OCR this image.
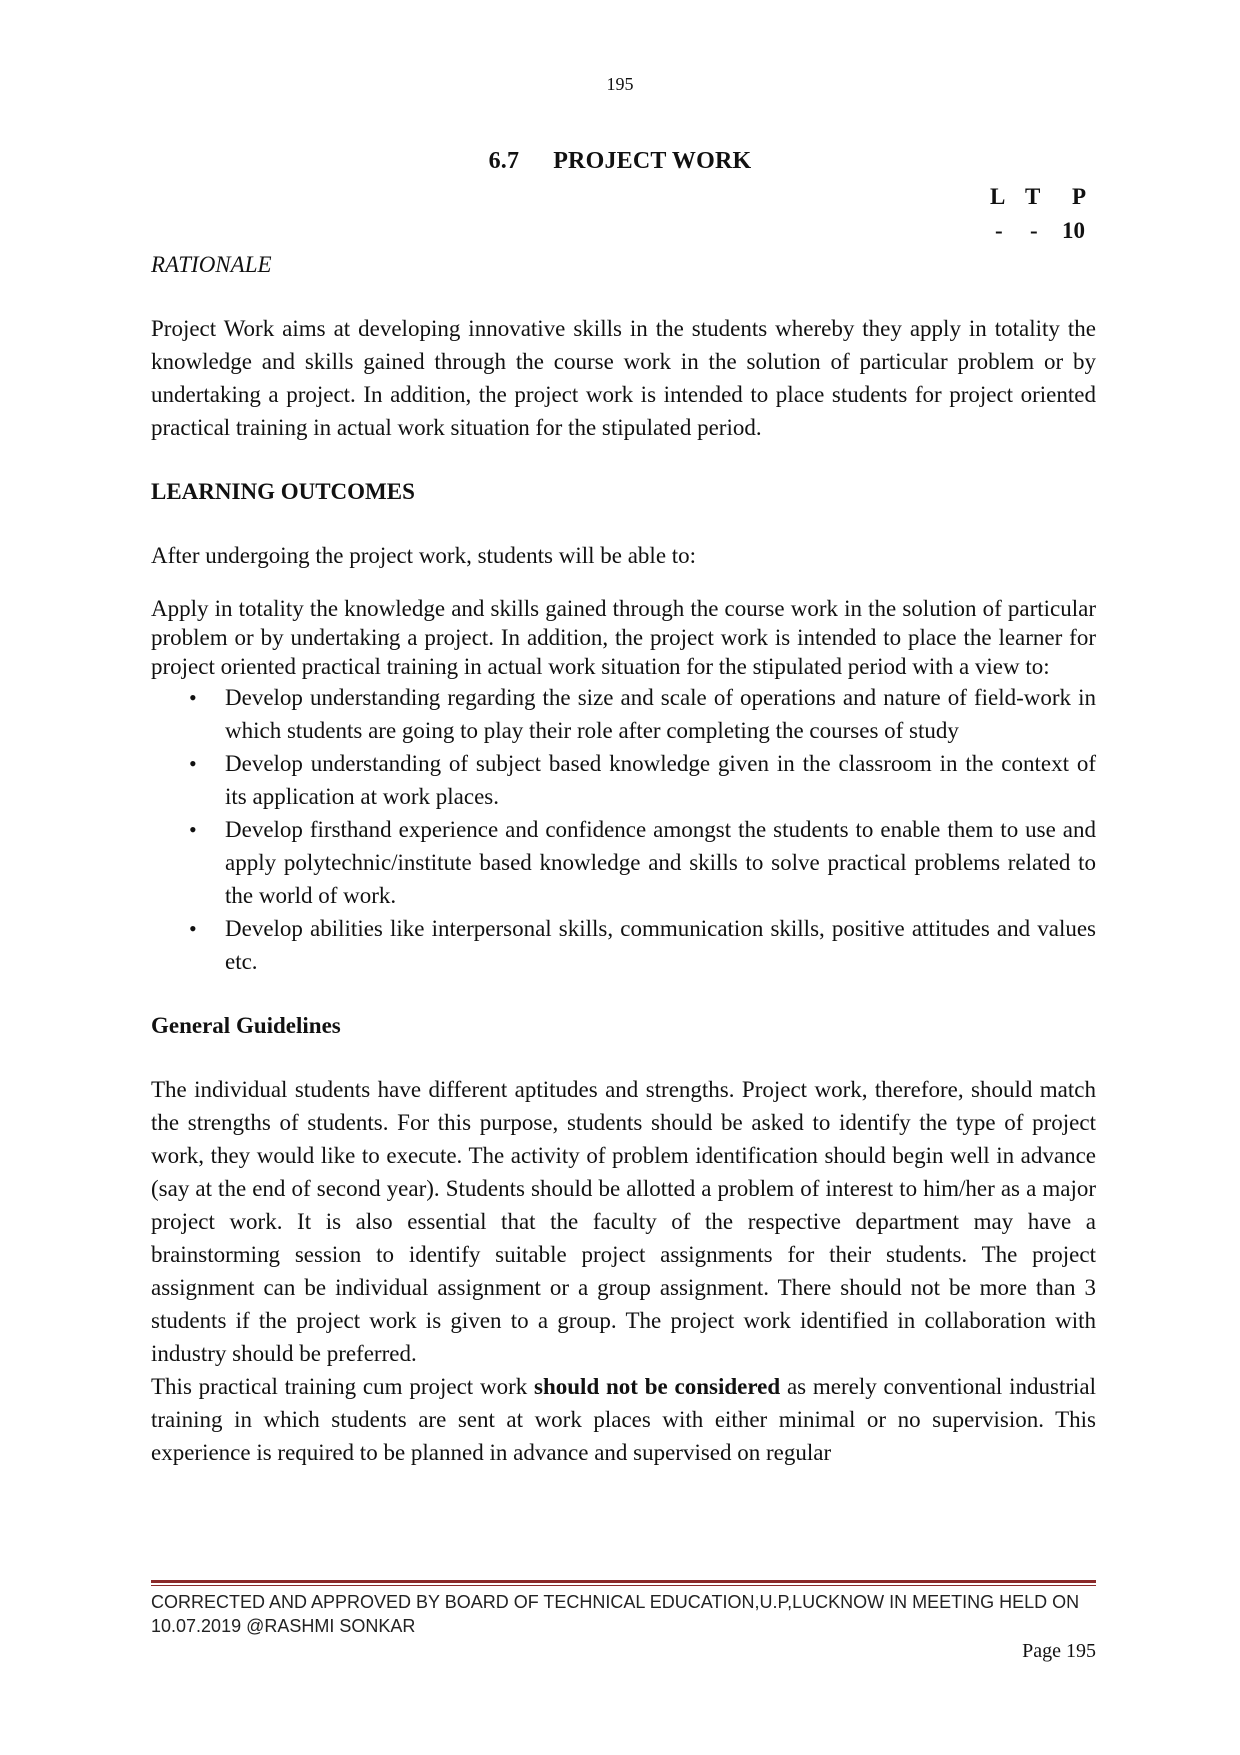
195
6.7 PROJECT WORK
L T P
- - 10

RATIONALE

Project Work aims at developing innovative skills in the students whereby they apply in totality the knowledge and skills gained through the course work in the solution of particular problem or by undertaking a project. In addition, the project work is intended to place students for project oriented practical training in actual work situation for the stipulated period.

LEARNING OUTCOMES

After undergoing the project work, students will be able to:

Apply in totality the knowledge and skills gained through the course work in the solution of particular problem or by undertaking a project. In addition, the project work is intended to place the learner for project oriented practical training in actual work situation for the stipulated period with a view to:

• Develop understanding regarding the size and scale of operations and nature of field-work in which students are going to play their role after completing the courses of study
• Develop understanding of subject based knowledge given in the classroom in the context of its application at work places.
• Develop firsthand experience and confidence amongst the students to enable them to use and apply polytechnic/institute based knowledge and skills to solve practical problems related to the world of work.
• Develop abilities like interpersonal skills, communication skills, positive attitudes and values etc.

General Guidelines

The individual students have different aptitudes and strengths. Project work, therefore, should match the strengths of students. For this purpose, students should be asked to identify the type of project work, they would like to execute. The activity of problem identification should begin well in advance (say at the end of second year). Students should be allotted a problem of interest to him/her as a major project work. It is also essential that the faculty of the respective department may have a brainstorming session to identify suitable project assignments for their students. The project assignment can be individual assignment or a group assignment. There should not be more than 3 students if the project work is given to a group. The project work identified in collaboration with industry should be preferred.

This practical training cum project work should not be considered as merely conventional industrial training in which students are sent at work places with either minimal or no supervision. This experience is required to be planned in advance and supervised on regular

CORRECTED AND APPROVED BY BOARD OF TECHNICAL EDUCATION,U.P,LUCKNOW IN MEETING HELD ON 10.07.2019 @RASHMI SONKAR
Page 195
